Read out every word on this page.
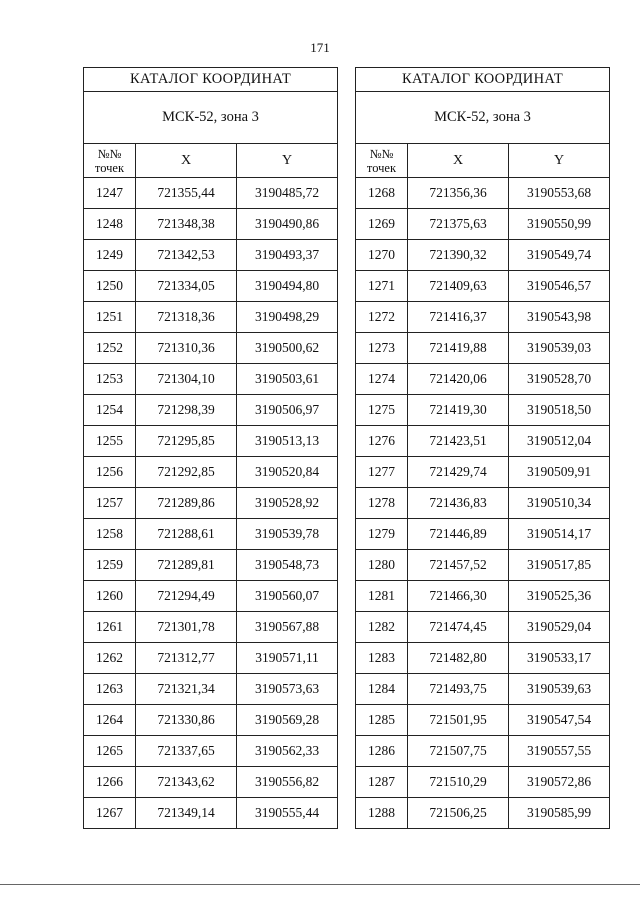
171
КАТАЛОГ КООРДИНАТ		
МСК-52, зона 3		
№№
точек	X	Y
1247	721355,44	3190485,72
1248	721348,38	3190490,86
1249	721342,53	3190493,37
1250	721334,05	3190494,80
1251	721318,36	3190498,29
1252	721310,36	3190500,62
1253	721304,10	3190503,61
1254	721298,39	3190506,97
1255	721295,85	3190513,13
1256	721292,85	3190520,84
1257	721289,86	3190528,92
1258	721288,61	3190539,78
1259	721289,81	3190548,73
1260	721294,49	3190560,07
1261	721301,78	3190567,88
1262	721312,77	3190571,11
1263	721321,34	3190573,63
1264	721330,86	3190569,28
1265	721337,65	3190562,33
1266	721343,62	3190556,82
1267	721349,14	3190555,44
КАТАЛОГ КООРДИНАТ		
МСК-52, зона 3		
№№
точек	X	Y
1268	721356,36	3190553,68
1269	721375,63	3190550,99
1270	721390,32	3190549,74
1271	721409,63	3190546,57
1272	721416,37	3190543,98
1273	721419,88	3190539,03
1274	721420,06	3190528,70
1275	721419,30	3190518,50
1276	721423,51	3190512,04
1277	721429,74	3190509,91
1278	721436,83	3190510,34
1279	721446,89	3190514,17
1280	721457,52	3190517,85
1281	721466,30	3190525,36
1282	721474,45	3190529,04
1283	721482,80	3190533,17
1284	721493,75	3190539,63
1285	721501,95	3190547,54
1286	721507,75	3190557,55
1287	721510,29	3190572,86
1288	721506,25	3190585,99
